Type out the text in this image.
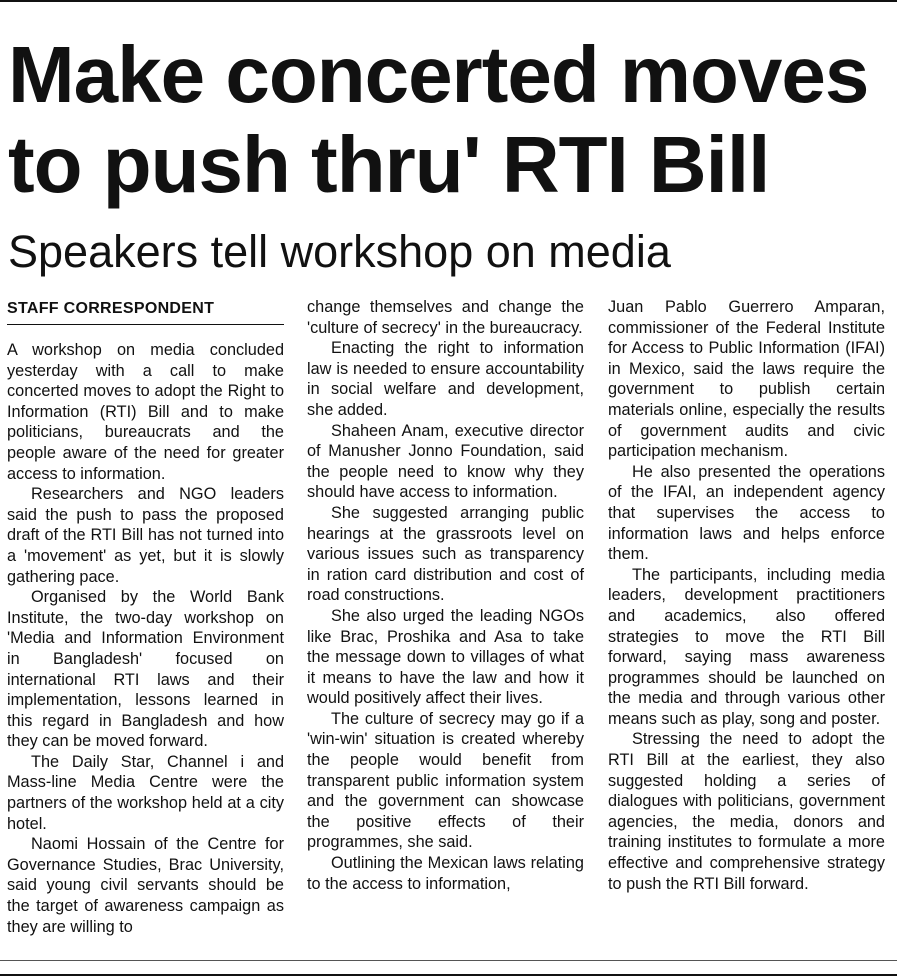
Make concerted moves to push thru' RTI Bill
Speakers tell workshop on media
STAFF CORRESPONDENT

A workshop on media concluded yesterday with a call to make concerted moves to adopt the Right to Information (RTI) Bill and to make politicians, bureaucrats and the people aware of the need for greater access to information.

Researchers and NGO leaders said the push to pass the proposed draft of the RTI Bill has not turned into a 'movement' as yet, but it is slowly gathering pace.

Organised by the World Bank Institute, the two-day workshop on 'Media and Information Environment in Bangladesh' focused on international RTI laws and their implementation, lessons learned in this regard in Bangladesh and how they can be moved forward.

The Daily Star, Channel i and Mass-line Media Centre were the partners of the workshop held at a city hotel.

Naomi Hossain of the Centre for Governance Studies, Brac University, said young civil servants should be the target of awareness campaign as they are willing to

change themselves and change the 'culture of secrecy' in the bureaucracy.

Enacting the right to information law is needed to ensure accountability in social welfare and development, she added.

Shaheen Anam, executive director of Manusher Jonno Foundation, said the people need to know why they should have access to information.

She suggested arranging public hearings at the grassroots level on various issues such as transparency in ration card distribution and cost of road constructions.

She also urged the leading NGOs like Brac, Proshika and Asa to take the message down to villages of what it means to have the law and how it would positively affect their lives.

The culture of secrecy may go if a 'win-win' situation is created whereby the people would benefit from transparent public information system and the government can showcase the positive effects of their programmes, she said.

Outlining the Mexican laws relating to the access to information,

Juan Pablo Guerrero Amparan, commissioner of the Federal Institute for Access to Public Information (IFAI) in Mexico, said the laws require the government to publish certain materials online, especially the results of government audits and civic participation mechanism.

He also presented the operations of the IFAI, an independent agency that supervises the access to information laws and helps enforce them.

The participants, including media leaders, development practitioners and academics, also offered strategies to move the RTI Bill forward, saying mass awareness programmes should be launched on the media and through various other means such as play, song and poster.

Stressing the need to adopt the RTI Bill at the earliest, they also suggested holding a series of dialogues with politicians, government agencies, the media, donors and training institutes to formulate a more effective and comprehensive strategy to push the RTI Bill forward.
